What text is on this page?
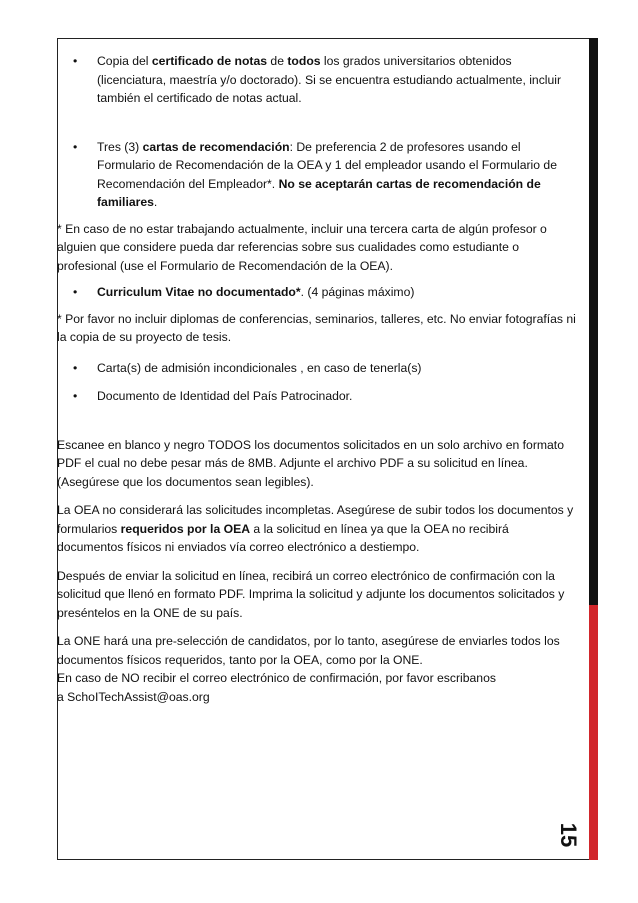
15
• Copia del certificado de notas de todos los grados universitarios obtenidos (licenciatura, maestría y/o doctorado). Si se encuentra estudiando actualmente, incluir también el certificado de notas actual.
• Tres (3) cartas de recomendación: De preferencia 2 de profesores usando el Formulario de Recomendación de la OEA y 1 del empleador usando el Formulario de Recomendación del Empleador*. No se aceptarán cartas de recomendación de familiares.

* En caso de no estar trabajando actualmente, incluir una tercera carta de algún profesor o alguien que considere pueda dar referencias sobre sus cualidades como estudiante o profesional (use el Formulario de Recomendación de la OEA).

• Curriculum Vitae no documentado*. (4 páginas máximo)

* Por favor no incluir diplomas de conferencias, seminarios, talleres, etc. No enviar fotografías ni la copia de su proyecto de tesis.

• Carta(s) de admisión incondicionales , en caso de tenerla(s)
• Documento de Identidad del País Patrocinador.

Escanee en blanco y negro TODOS los documentos solicitados en un solo archivo en formato PDF el cual no debe pesar más de 8MB. Adjunte el archivo PDF a su solicitud en línea. (Asegúrese que los documentos sean legibles).

La OEA no considerará las solicitudes incompletas. Asegúrese de subir todos los documentos y formularios requeridos por la OEA a la solicitud en línea ya que la OEA no recibirá documentos físicos ni enviados vía correo electrónico a destiempo.

Después de enviar la solicitud en línea, recibirá un correo electrónico de confirmación con la solicitud que llenó en formato PDF. Imprima la solicitud y adjunte los documentos solicitados y preséntelos en la ONE de su país.

La ONE hará una pre-selección de candidatos, por lo tanto, asegúrese de enviarles todos los documentos físicos requeridos, tanto por la OEA, como por la ONE.
En caso de NO recibir el correo electrónico de confirmación, por favor escribanos
a SchoITechAssist@oas.org
